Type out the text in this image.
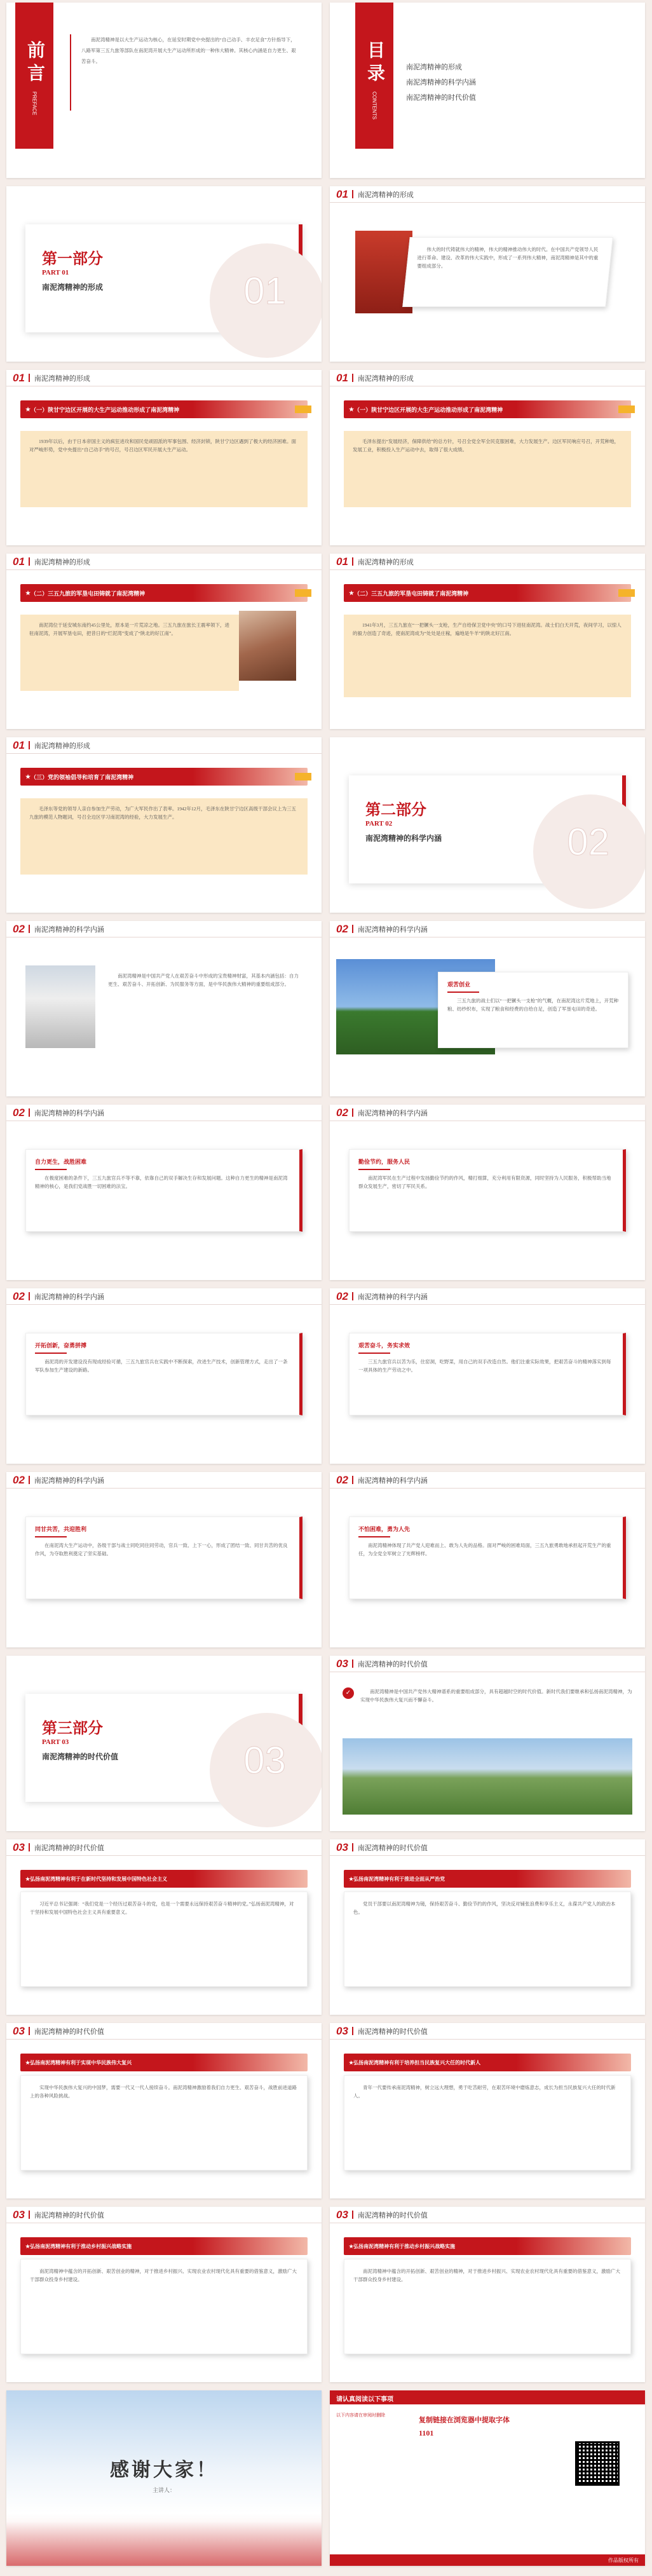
前言
PREFACE

南泥湾精神是以大生产运动为核心，在延安时期党中央提出的“自己动手、丰衣足食”方针指导下，八路军第三五九旅等部队在南泥湾开展大生产运动所形成的一种伟大精神。其核心内涵是自力更生、艰苦奋斗。	目录
CONTENTS
南泥湾精神的形成
南泥湾精神的科学内涵
南泥湾精神的时代价值
01
第一部分
PART 01
南泥湾精神的形成
01 南泥湾精神的形成

伟大的时代铸就伟大的精神，伟大的精神推动伟大的时代。在中国共产党领导人民进行革命、建设、改革的伟大实践中，形成了一系列伟大精神，南泥湾精神是其中的重要组成部分。

01 南泥湾精神的形成
★ （一）陕甘宁边区开展的大生产运动推动形成了南泥湾精神

1939年以后，由于日本帝国主义的疯狂进攻和国民党顽固派的军事包围、经济封锁，陕甘宁边区遇到了极大的经济困难。面对严峻形势，党中央提出“自己动手”的号召，号召边区军民开展大生产运动。

01 南泥湾精神的形成
★ （一）陕甘宁边区开展的大生产运动推动形成了南泥湾精神

毛泽东提出“发展经济，保障供给”的总方针，号召全党全军全民克服困难，大力发展生产。边区军民响应号召，开荒种地，发展工业，积极投入生产运动中去，取得了很大成绩。

01 南泥湾精神的形成
★ （二）三五九旅的军垦屯田铸就了南泥湾精神

南泥湾位于延安城东南约45公里处，原本是一片荒凉之地。三五九旅在旅长王震率领下，进驻南泥湾，开展军垦屯田，把昔日的“烂泥湾”变成了“陕北的好江南”。

01 南泥湾精神的形成
★ （二）三五九旅的军垦屯田铸就了南泥湾精神

1941年3月，三五九旅在“一把镢头一支枪，生产自给保卫党中央”的口号下进驻南泥湾。战士们白天开荒，夜间学习，以惊人的毅力创造了奇迹，使南泥湾成为“处处是庄稼，遍地是牛羊”的陕北好江南。

01 南泥湾精神的形成
★ （三）党的领袖倡导和培育了南泥湾精神

毛泽东等党的领导人亲自参加生产劳动，为广大军民作出了表率。1942年12月，毛泽东在陕甘宁边区高级干部会议上为三五九旅的模范人物题词，号召全边区学习南泥湾的经验，大力发展生产。

02
第二部分
PART 02
南泥湾精神的科学内涵
02 南泥湾精神的科学内涵

南泥湾精神是中国共产党人在艰苦奋斗中形成的宝贵精神财富，其基本内涵包括：自力更生、艰苦奋斗、开拓创新、为民服务等方面，是中华民族伟大精神的重要组成部分。

02 南泥湾精神的科学内涵
艰苦创业

三五九旅的战士们以“一把镢头一支枪”的气概，在南泥湾这片荒地上，开荒种粮、纺纱织布，实现了粮食和经费的自给自足，创造了军垦屯田的奇迹。

02 南泥湾精神的科学内涵
自力更生，战胜困难

在极度困难的条件下，三五九旅官兵不等不靠，依靠自己的双手解决生存和发展问题。这种自力更生的精神是南泥湾精神的核心，是我们党战胜一切困难的法宝。

02 南泥湾精神的科学内涵
勤俭节约，服务人民

南泥湾军民在生产过程中发扬勤俭节约的作风，精打细算，充分利用有限资源，同时坚持为人民服务，积极帮助当地群众发展生产，密切了军民关系。

02 南泥湾精神的科学内涵
开拓创新，奋勇拼搏

南泥湾的开发建设没有现成经验可循，三五九旅官兵在实践中不断探索，改进生产技术，创新管理方式，走出了一条军队参加生产建设的新路。

02 南泥湾精神的科学内涵
艰苦奋斗，务实求效

三五九旅官兵以苦为乐，住窑洞，吃野菜，用自己的双手改造自然。他们注重实际效果，把艰苦奋斗的精神落实到每一项具体的生产劳动之中。

02 南泥湾精神的科学内涵
同甘共苦，共迎胜利

在南泥湾大生产运动中，各级干部与战士同吃同住同劳动，官兵一致、上下一心，形成了团结一致、同甘共苦的优良作风，为夺取胜利奠定了坚实基础。

02 南泥湾精神的科学内涵
不怕困难，勇为人先

南泥湾精神体现了共产党人迎难而上、敢为人先的品格。面对严峻的困难局面，三五九旅勇敢地承担起开荒生产的重任，为全党全军树立了光辉榜样。

03
第三部分
PART 03
南泥湾精神的时代价值
03 南泥湾精神的时代价值
✓	南泥湾精神是中国共产党伟大精神谱系的重要组成部分，具有超越时空的时代价值。新时代我们要继承和弘扬南泥湾精神，为实现中华民族伟大复兴而不懈奋斗。

03 南泥湾精神的时代价值
★ 弘扬南泥湾精神有利于在新时代坚持和发展中国特色社会主义

习近平总书记强调：“我们党是一个经历过艰苦奋斗的党，也是一个需要永远保持艰苦奋斗精神的党。”弘扬南泥湾精神，对于坚持和发展中国特色社会主义具有重要意义。

03 南泥湾精神的时代价值
★ 弘扬南泥湾精神有利于推进全面从严治党

党员干部要以南泥湾精神为镜，保持艰苦奋斗、勤俭节约的作风，坚决反对铺张浪费和享乐主义，永葆共产党人的政治本色。

03 南泥湾精神的时代价值
★ 弘扬南泥湾精神有利于实现中华民族伟大复兴

实现中华民族伟大复兴的中国梦，需要一代又一代人接续奋斗。南泥湾精神激励着我们自力更生、艰苦奋斗，战胜前进道路上的各种风险挑战。

03 南泥湾精神的时代价值
★ 弘扬南泥湾精神有利于培养担当民族复兴大任的时代新人

青年一代要传承南泥湾精神，树立远大理想，勇于吃苦耐劳，在艰苦环境中磨炼意志，成长为担当民族复兴大任的时代新人。

03 南泥湾精神的时代价值
★ 弘扬南泥湾精神有利于推动乡村振兴战略实施

南泥湾精神中蕴含的开拓创新、艰苦创业的精神，对于推进乡村振兴、实现农业农村现代化具有重要的借鉴意义，激励广大干部群众投身乡村建设。

03 南泥湾精神的时代价值
★ 弘扬南泥湾精神有利于推动乡村振兴战略实施

南泥湾精神中蕴含的开拓创新、艰苦创业的精神，对于推进乡村振兴、实现农业农村现代化具有重要的借鉴意义，激励广大干部群众投身乡村建设。

感谢大家！
主讲人：
请认真阅读以下事项
以下内容请在审阅时删除
复制链接在浏览器中提取字体
1101
作品版权所有
